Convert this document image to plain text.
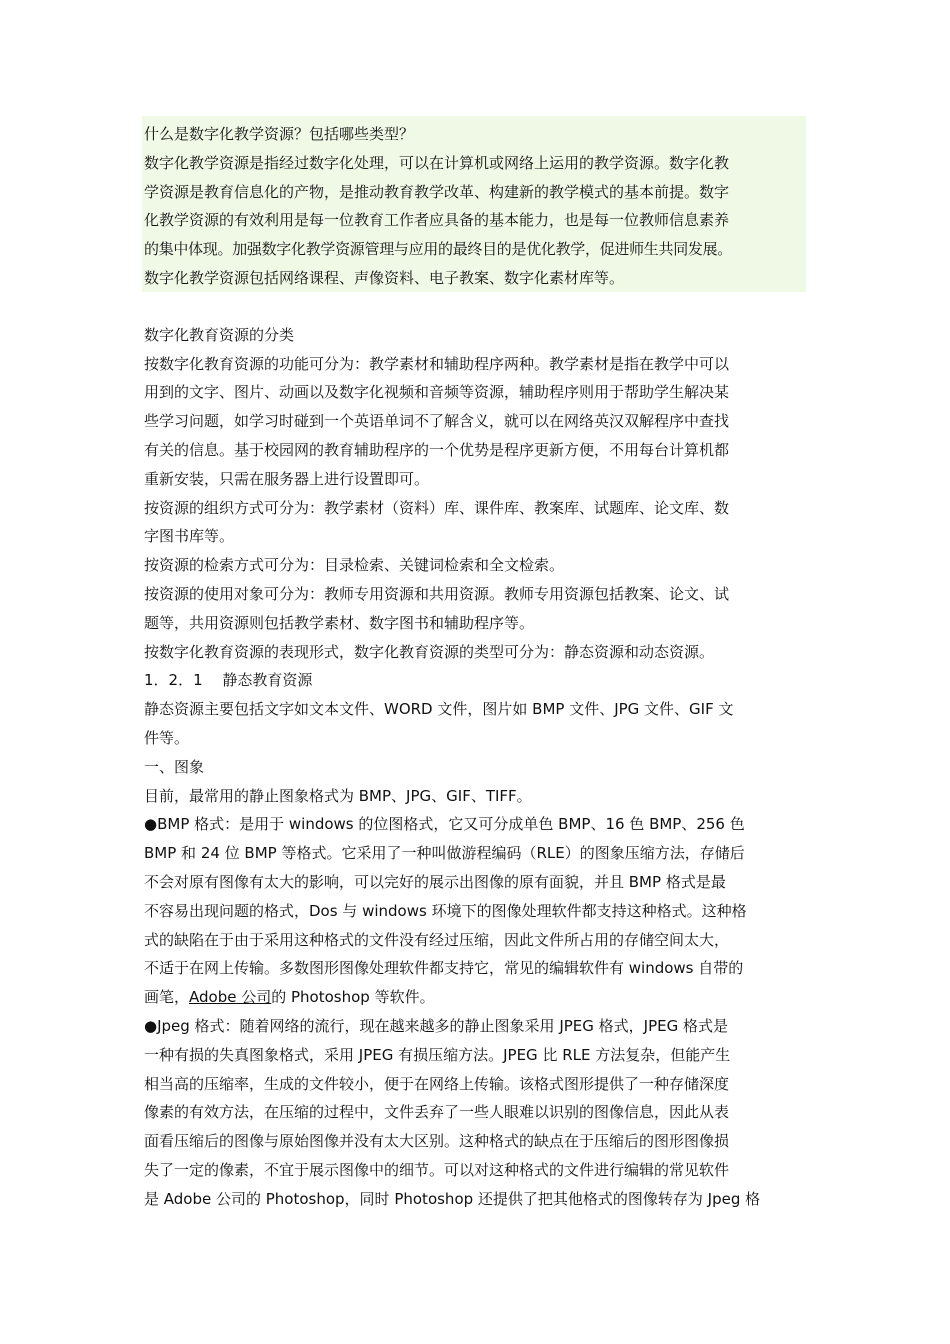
什么是数字化教学资源？包括哪些类型？

数字化教学资源是指经过数字化处理，可以在计算机或网络上运用的教学资源。数字化教

学资源是教育信息化的产物，是推动教育教学改革、构建新的教学模式的基本前提。数字

化教学资源的有效利用是每一位教育工作者应具备的基本能力，也是每一位教师信息素养

的集中体现。加强数字化教学资源管理与应用的最终目的是优化教学，促进师生共同发展。

数字化教学资源包括网络课程、声像资料、电子教案、数字化素材库等。

数字化教育资源的分类

按数字化教育资源的功能可分为：教学素材和辅助程序两种。教学素材是指在教学中可以

用到的文字、图片、动画以及数字化视频和音频等资源，辅助程序则用于帮助学生解决某

些学习问题，如学习时碰到一个英语单词不了解含义，就可以在网络英汉双解程序中查找

有关的信息。基于校园网的教育辅助程序的一个优势是程序更新方便，不用每台计算机都

重新安装，只需在服务器上进行设置即可。

按资源的组织方式可分为：教学素材（资料）库、课件库、教案库、试题库、论文库、数

字图书库等。

按资源的检索方式可分为：目录检索、关键词检索和全文检索。

按资源的使用对象可分为：教师专用资源和共用资源。教师专用资源包括教案、论文、试

题等，共用资源则包括教学素材、数字图书和辅助程序等。

按数字化教育资源的表现形式，数字化教育资源的类型可分为：静态资源和动态资源。

1．2．1　 静态教育资源

静态资源主要包括文字如文本文件、WORD 文件，图片如 BMP 文件、JPG 文件、GIF 文

件等。

一、图象

目前，最常用的静止图象格式为 BMP、JPG、GIF、TIFF。

●BMP 格式：是用于 windows 的位图格式，它又可分成单色 BMP、16 色 BMP、256 色

BMP 和 24 位 BMP 等格式。它采用了一种叫做游程编码（RLE）的图象压缩方法，存储后

不会对原有图像有太大的影响，可以完好的展示出图像的原有面貌，并且 BMP 格式是最

不容易出现问题的格式，Dos 与 windows 环境下的图像处理软件都支持这种格式。这种格

式的缺陷在于由于采用这种格式的文件没有经过压缩，因此文件所占用的存储空间太大，

不适于在网上传输。多数图形图像处理软件都支持它，常见的编辑软件有 windows 自带的

画笔，Adobe 公司的 Photoshop 等软件。

●Jpeg 格式：随着网络的流行，现在越来越多的静止图象采用 JPEG 格式，JPEG 格式是

一种有损的失真图象格式，采用 JPEG 有损压缩方法。JPEG 比 RLE 方法复杂，但能产生

相当高的压缩率，生成的文件较小，便于在网络上传输。该格式图形提供了一种存储深度

像素的有效方法，在压缩的过程中，文件丢弃了一些人眼难以识别的图像信息，因此从表

面看压缩后的图像与原始图像并没有太大区别。这种格式的缺点在于压缩后的图形图像损

失了一定的像素，不宜于展示图像中的细节。可以对这种格式的文件进行编辑的常见软件

是 Adobe 公司的 Photoshop，同时 Photoshop 还提供了把其他格式的图像转存为 Jpeg 格
